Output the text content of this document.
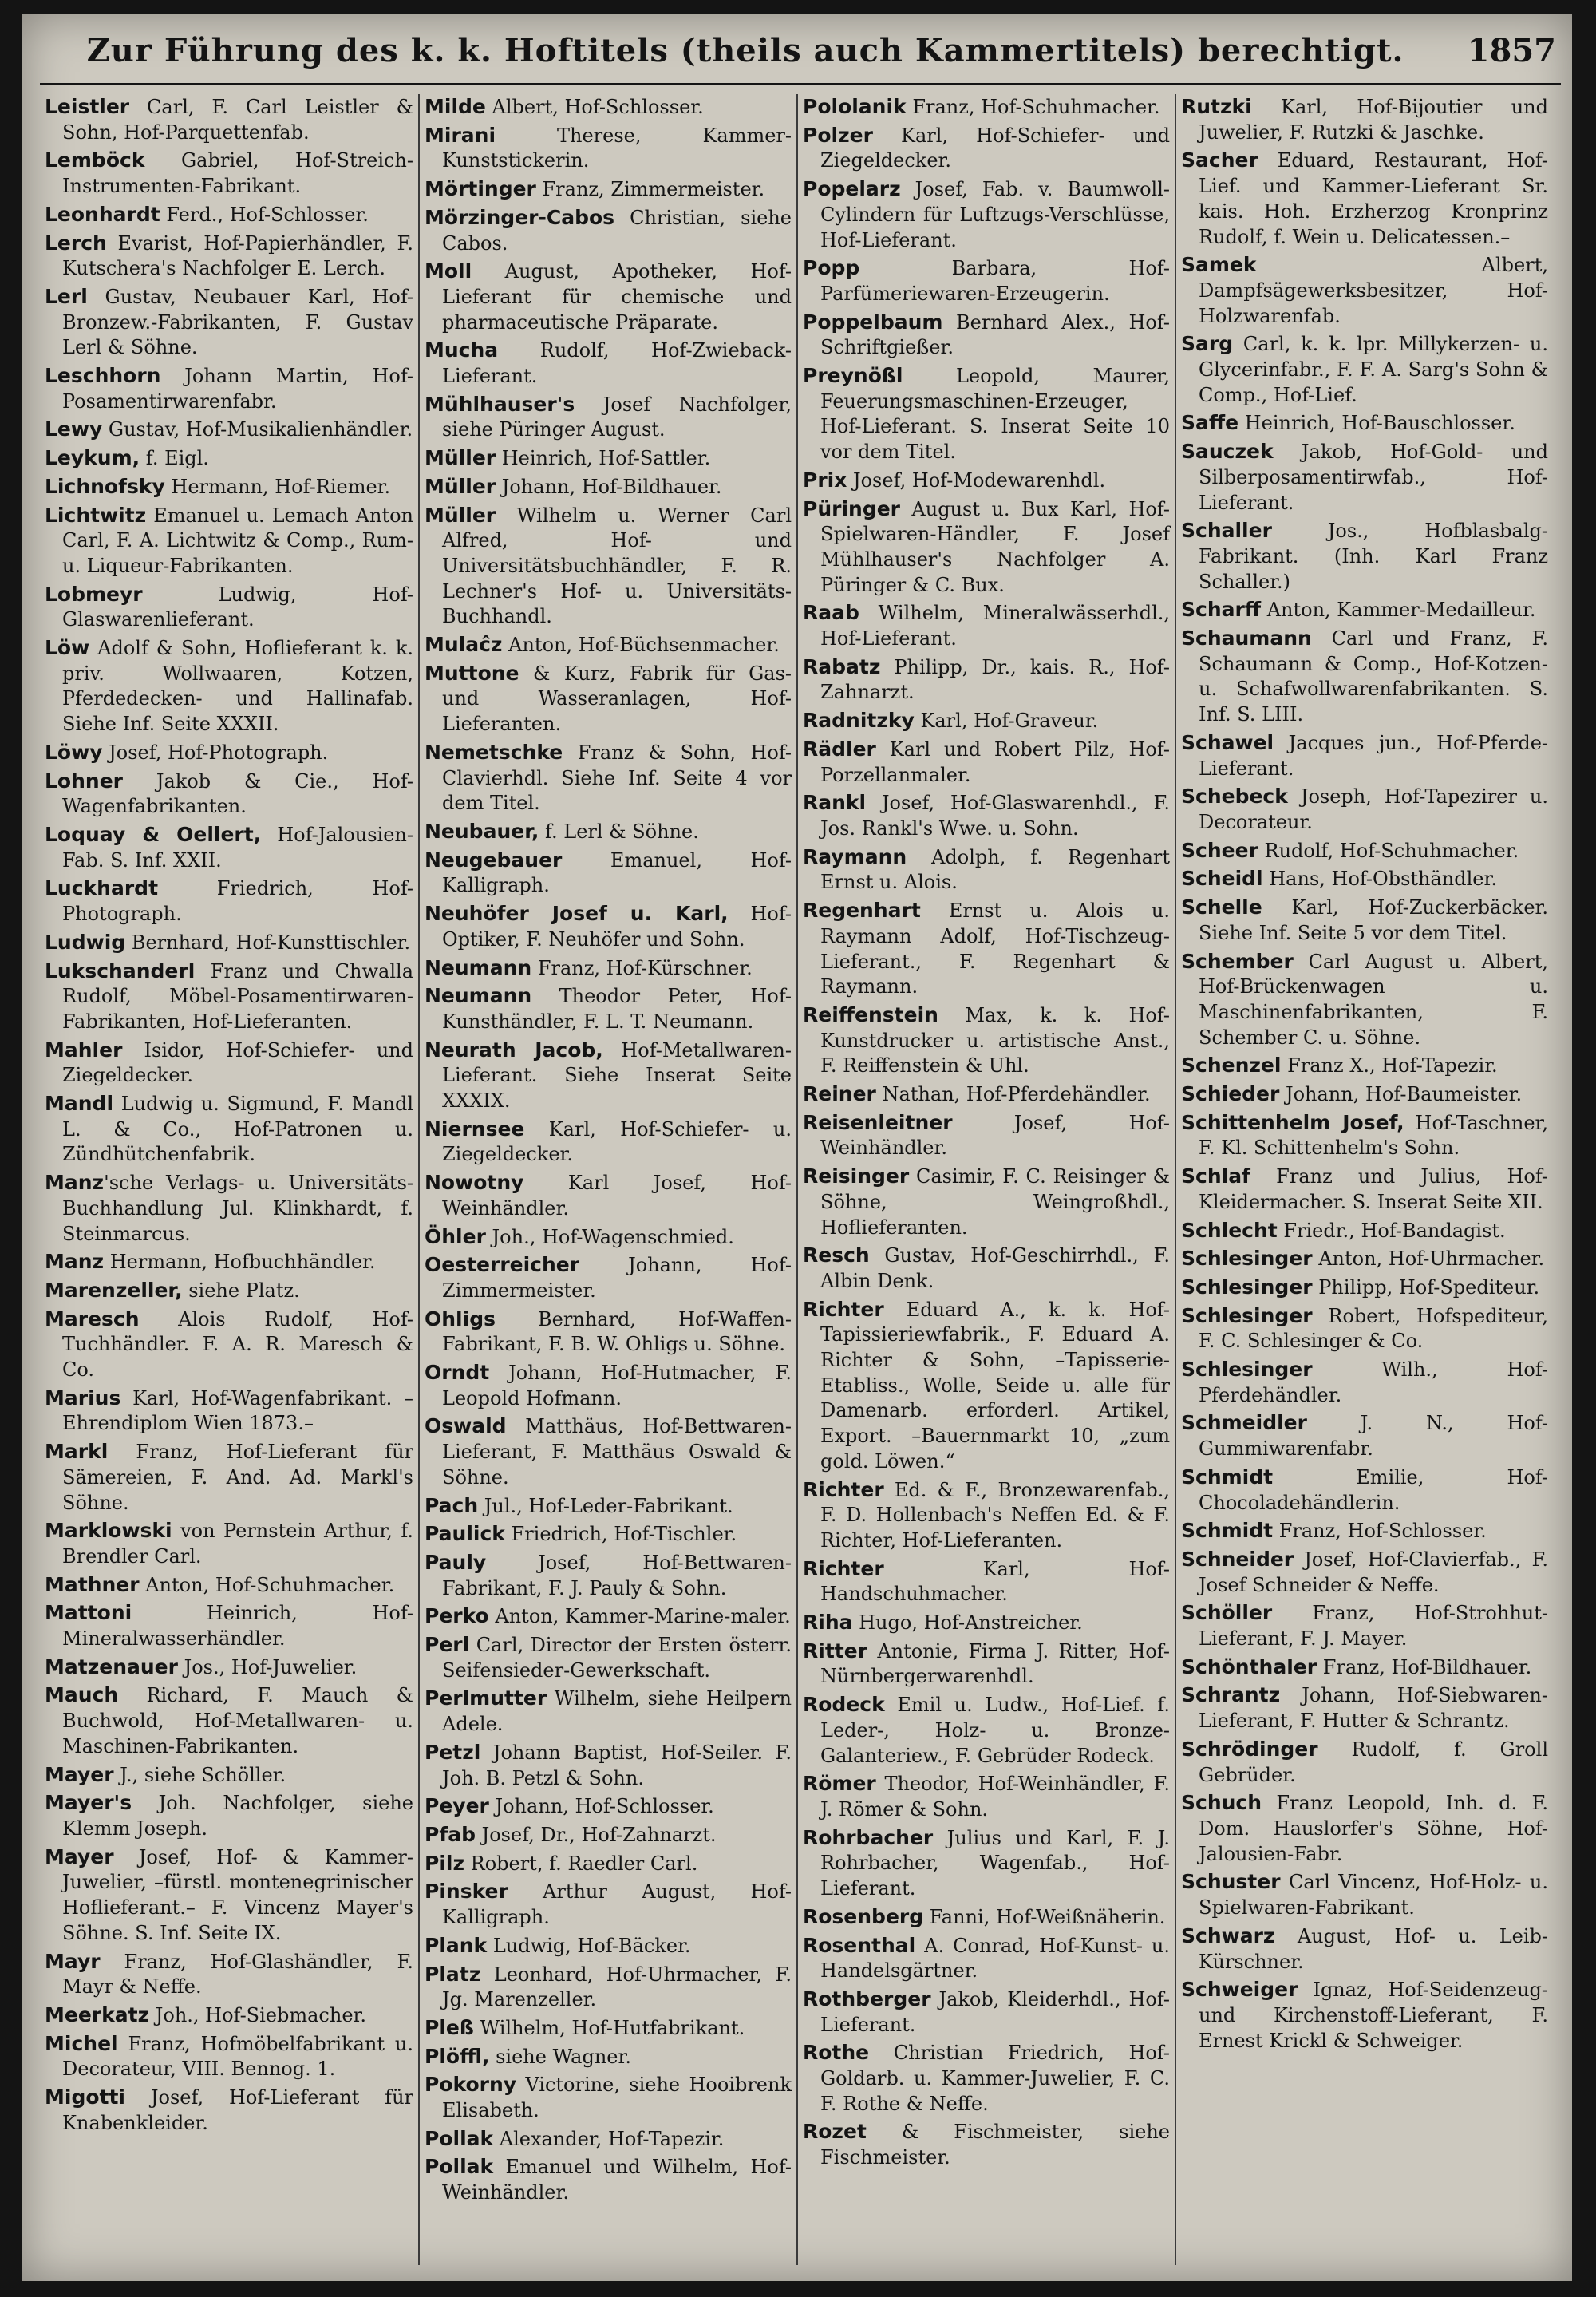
Zur Führung des k. k. Hoftitels (theils auch Kammertitels) berechtigt.	1857

Leistler Carl, F. Carl Leistler & Sohn, Hof-Parquettenfab.

Lemböck Gabriel, Hof-Streich-Instrumenten-Fabrikant.

Leonhardt Ferd., Hof-Schlosser.

Lerch Evarist, Hof-Papierhändler, F. Kutschera's Nachfolger E. Lerch.

Lerl Gustav, Neubauer Karl, Hof-Bronzew.-Fabrikanten, F. Gustav Lerl & Söhne.

Leschhorn Johann Martin, Hof-Posamentirwarenfabr.

Lewy Gustav, Hof-Musikalienhändler.

Leykum, f. Eigl.

Lichnofsky Hermann, Hof-Riemer.

Lichtwitz Emanuel u. Lemach Anton Carl, F. A. Lichtwitz & Comp., Rum- u. Liqueur-Fabrikanten.

Lobmeyr Ludwig, Hof-Glaswarenlieferant.

Löw Adolf & Sohn, Hoflieferant k. k. priv. Wollwaaren, Kotzen, Pferdedecken- und Hallinafab. Siehe Inf. Seite XXXII.

Löwy Josef, Hof-Photograph.

Lohner Jakob & Cie., Hof-Wagenfabrikanten.

Loquay & Oellert, Hof-Jalousien-Fab. S. Inf. XXII.

Luckhardt Friedrich, Hof-Photograph.

Ludwig Bernhard, Hof-Kunsttischler.

Lukschanderl Franz und Chwalla Rudolf, Möbel-Posamentirwaren-Fabrikanten, Hof-Lieferanten.

Mahler Isidor, Hof-Schiefer- und Ziegeldecker.

Mandl Ludwig u. Sigmund, F. Mandl L. & Co., Hof-Patronen u. Zündhütchenfabrik.

Manz'sche Verlags- u. Universitäts-Buchhandlung Jul. Klinkhardt, f. Steinmarcus.

Manz Hermann, Hofbuchhändler.

Marenzeller, siehe Platz.

Maresch Alois Rudolf, Hof-Tuchhändler. F. A. R. Maresch & Co.

Marius Karl, Hof-Wagenfabrikant. –Ehrendiplom Wien 1873.–

Markl Franz, Hof-Lieferant für Sämereien, F. And. Ad. Markl's Söhne.

Marklowski von Pernstein Arthur, f. Brendler Carl.

Mathner Anton, Hof-Schuhmacher.

Mattoni Heinrich, Hof-Mineralwasserhändler.

Matzenauer Jos., Hof-Juwelier.

Mauch Richard, F. Mauch & Buchwold, Hof-Metallwaren- u. Maschinen-Fabrikanten.

Mayer J., siehe Schöller.

Mayer's Joh. Nachfolger, siehe Klemm Joseph.

Mayer Josef, Hof- & Kammer-Juwelier, –fürstl. montenegrinischer Hoflieferant.– F. Vincenz Mayer's Söhne. S. Inf. Seite IX.

Mayr Franz, Hof-Glashändler, F. Mayr & Neffe.

Meerkatz Joh., Hof-Siebmacher.

Michel Franz, Hofmöbelfabrikant u. Decorateur, VIII. Bennog. 1.

Migotti Josef, Hof-Lieferant für Knabenkleider.

Milde Albert, Hof-Schlosser.

Mirani Therese, Kammer-Kunststickerin.

Mörtinger Franz, Zimmermeister.

Mörzinger-Cabos Christian, siehe Cabos.

Moll August, Apotheker, Hof-Lieferant für chemische und pharmaceutische Präparate.

Mucha Rudolf, Hof-Zwieback-Lieferant.

Mühlhauser's Josef Nachfolger, siehe Püringer August.

Müller Heinrich, Hof-Sattler.

Müller Johann, Hof-Bildhauer.

Müller Wilhelm u. Werner Carl Alfred, Hof- und Universitätsbuchhändler, F. R. Lechner's Hof- u. Universitäts-Buchhandl.

Mulaĉz Anton, Hof-Büchsenmacher.

Muttone & Kurz, Fabrik für Gas- und Wasseranlagen, Hof-Lieferanten.

Nemetschke Franz & Sohn, Hof-Clavierhdl. Siehe Inf. Seite 4 vor dem Titel.

Neubauer, f. Lerl & Söhne.

Neugebauer Emanuel, Hof-Kalligraph.

Neuhöfer Josef u. Karl, Hof-Optiker, F. Neuhöfer und Sohn.

Neumann Franz, Hof-Kürschner.

Neumann Theodor Peter, Hof-Kunsthändler, F. L. T. Neumann.

Neurath Jacob, Hof-Metallwaren-Lieferant. Siehe Inserat Seite XXXIX.

Niernsee Karl, Hof-Schiefer- u. Ziegeldecker.

Nowotny Karl Josef, Hof-Weinhändler.

Öhler Joh., Hof-Wagenschmied.

Oesterreicher Johann, Hof-Zimmermeister.

Ohligs Bernhard, Hof-Waffen-Fabrikant, F. B. W. Ohligs u. Söhne.

Orndt Johann, Hof-Hutmacher, F. Leopold Hofmann.

Oswald Matthäus, Hof-Bettwaren-Lieferant, F. Matthäus Oswald & Söhne.

Pach Jul., Hof-Leder-Fabrikant.

Paulick Friedrich, Hof-Tischler.

Pauly Josef, Hof-Bettwaren-Fabrikant, F. J. Pauly & Sohn.

Perko Anton, Kammer-Marine-maler.

Perl Carl, Director der Ersten österr. Seifensieder-Gewerkschaft.

Perlmutter Wilhelm, siehe Heilpern Adele.

Petzl Johann Baptist, Hof-Seiler. F. Joh. B. Petzl & Sohn.

Peyer Johann, Hof-Schlosser.

Pfab Josef, Dr., Hof-Zahnarzt.

Pilz Robert, f. Raedler Carl.

Pinsker Arthur August, Hof-Kalligraph.

Plank Ludwig, Hof-Bäcker.

Platz Leonhard, Hof-Uhrmacher, F. Jg. Marenzeller.

Pleß Wilhelm, Hof-Hutfabrikant.

Plöffl, siehe Wagner.

Pokorny Victorine, siehe Hooibrenk Elisabeth.

Pollak Alexander, Hof-Tapezir.

Pollak Emanuel und Wilhelm, Hof-Weinhändler.

Pololanik Franz, Hof-Schuhmacher.

Polzer Karl, Hof-Schiefer- und Ziegeldecker.

Popelarz Josef, Fab. v. Baumwoll-Cylindern für Luftzugs-Verschlüsse, Hof-Lieferant.

Popp Barbara, Hof-Parfümeriewaren-Erzeugerin.

Poppelbaum Bernhard Alex., Hof-Schriftgießer.

Preynößl Leopold, Maurer, Feuerungsmaschinen-Erzeuger, Hof-Lieferant. S. Inserat Seite 10 vor dem Titel.

Prix Josef, Hof-Modewarenhdl.

Püringer August u. Bux Karl, Hof-Spielwaren-Händler, F. Josef Mühlhauser's Nachfolger A. Püringer & C. Bux.

Raab Wilhelm, Mineralwässerhdl., Hof-Lieferant.

Rabatz Philipp, Dr., kais. R., Hof-Zahnarzt.

Radnitzky Karl, Hof-Graveur.

Rädler Karl und Robert Pilz, Hof-Porzellanmaler.

Rankl Josef, Hof-Glaswarenhdl., F. Jos. Rankl's Wwe. u. Sohn.

Raymann Adolph, f. Regenhart Ernst u. Alois.

Regenhart Ernst u. Alois u. Raymann Adolf, Hof-Tischzeug-Lieferant., F. Regenhart & Raymann.

Reiffenstein Max, k. k. Hof-Kunstdrucker u. artistische Anst., F. Reiffenstein & Uhl.

Reiner Nathan, Hof-Pferdehändler.

Reisenleitner Josef, Hof-Weinhändler.

Reisinger Casimir, F. C. Reisinger & Söhne, Weingroßhdl., Hoflieferanten.

Resch Gustav, Hof-Geschirrhdl., F. Albin Denk.

Richter Eduard A., k. k. Hof-Tapissieriewfabrik., F. Eduard A. Richter & Sohn, –Tapisserie-Etabliss., Wolle, Seide u. alle für Damenarb. erforderl. Artikel, Export. –Bauernmarkt 10, „zum gold. Löwen.“

Richter Ed. & F., Bronzewarenfab., F. D. Hollenbach's Neffen Ed. & F. Richter, Hof-Lieferanten.

Richter Karl, Hof-Handschuhmacher.

Riha Hugo, Hof-Anstreicher.

Ritter Antonie, Firma J. Ritter, Hof-Nürnbergerwarenhdl.

Rodeck Emil u. Ludw., Hof-Lief. f. Leder-, Holz- u. Bronze-Galanteriew., F. Gebrüder Rodeck.

Römer Theodor, Hof-Weinhändler, F. J. Römer & Sohn.

Rohrbacher Julius und Karl, F. J. Rohrbacher, Wagenfab., Hof-Lieferant.

Rosenberg Fanni, Hof-Weißnäherin.

Rosenthal A. Conrad, Hof-Kunst- u. Handelsgärtner.

Rothberger Jakob, Kleiderhdl., Hof-Lieferant.

Rothe Christian Friedrich, Hof-Goldarb. u. Kammer-Juwelier, F. C. F. Rothe & Neffe.

Rozet & Fischmeister, siehe Fischmeister.

Rutzki Karl, Hof-Bijoutier und Juwelier, F. Rutzki & Jaschke.

Sacher Eduard, Restaurant, Hof-Lief. und Kammer-Lieferant Sr. kais. Hoh. Erzherzog Kronprinz Rudolf, f. Wein u. Delicatessen.–

Samek Albert, Dampfsägewerksbesitzer, Hof-Holzwarenfab.

Sarg Carl, k. k. lpr. Millykerzen- u. Glycerinfabr., F. F. A. Sarg's Sohn & Comp., Hof-Lief.

Saffe Heinrich, Hof-Bauschlosser.

Sauczek Jakob, Hof-Gold- und Silberposamentirwfab., Hof-Lieferant.

Schaller Jos., Hofblasbalg-Fabrikant. (Inh. Karl Franz Schaller.)

Scharff Anton, Kammer-Medailleur.

Schaumann Carl und Franz, F. Schaumann & Comp., Hof-Kotzen- u. Schafwollwarenfabrikanten. S. Inf. S. LIII.

Schawel Jacques jun., Hof-Pferde-Lieferant.

Schebeck Joseph, Hof-Tapezirer u. Decorateur.

Scheer Rudolf, Hof-Schuhmacher.

Scheidl Hans, Hof-Obsthändler.

Schelle Karl, Hof-Zuckerbäcker. Siehe Inf. Seite 5 vor dem Titel.

Schember Carl August u. Albert, Hof-Brückenwagen u. Maschinenfabrikanten, F. Schember C. u. Söhne.

Schenzel Franz X., Hof-Tapezir.

Schieder Johann, Hof-Baumeister.

Schittenhelm Josef, Hof-Taschner, F. Kl. Schittenhelm's Sohn.

Schlaf Franz und Julius, Hof-Kleidermacher. S. Inserat Seite XII.

Schlecht Friedr., Hof-Bandagist.

Schlesinger Anton, Hof-Uhrmacher.

Schlesinger Philipp, Hof-Spediteur.

Schlesinger Robert, Hofspediteur, F. C. Schlesinger & Co.

Schlesinger Wilh., Hof-Pferdehändler.

Schmeidler J. N., Hof-Gummiwarenfabr.

Schmidt Emilie, Hof-Chocoladehändlerin.

Schmidt Franz, Hof-Schlosser.

Schneider Josef, Hof-Clavierfab., F. Josef Schneider & Neffe.

Schöller Franz, Hof-Strohhut-Lieferant, F. J. Mayer.

Schönthaler Franz, Hof-Bildhauer.

Schrantz Johann, Hof-Siebwaren-Lieferant, F. Hutter & Schrantz.

Schrödinger Rudolf, f. Groll Gebrüder.

Schuch Franz Leopold, Inh. d. F. Dom. Hauslorfer's Söhne, Hof-Jalousien-Fabr.

Schuster Carl Vincenz, Hof-Holz- u. Spielwaren-Fabrikant.

Schwarz August, Hof- u. Leib-Kürschner.

Schweiger Ignaz, Hof-Seidenzeug- und Kirchenstoff-Lieferant, F. Ernest Krickl & Schweiger.
